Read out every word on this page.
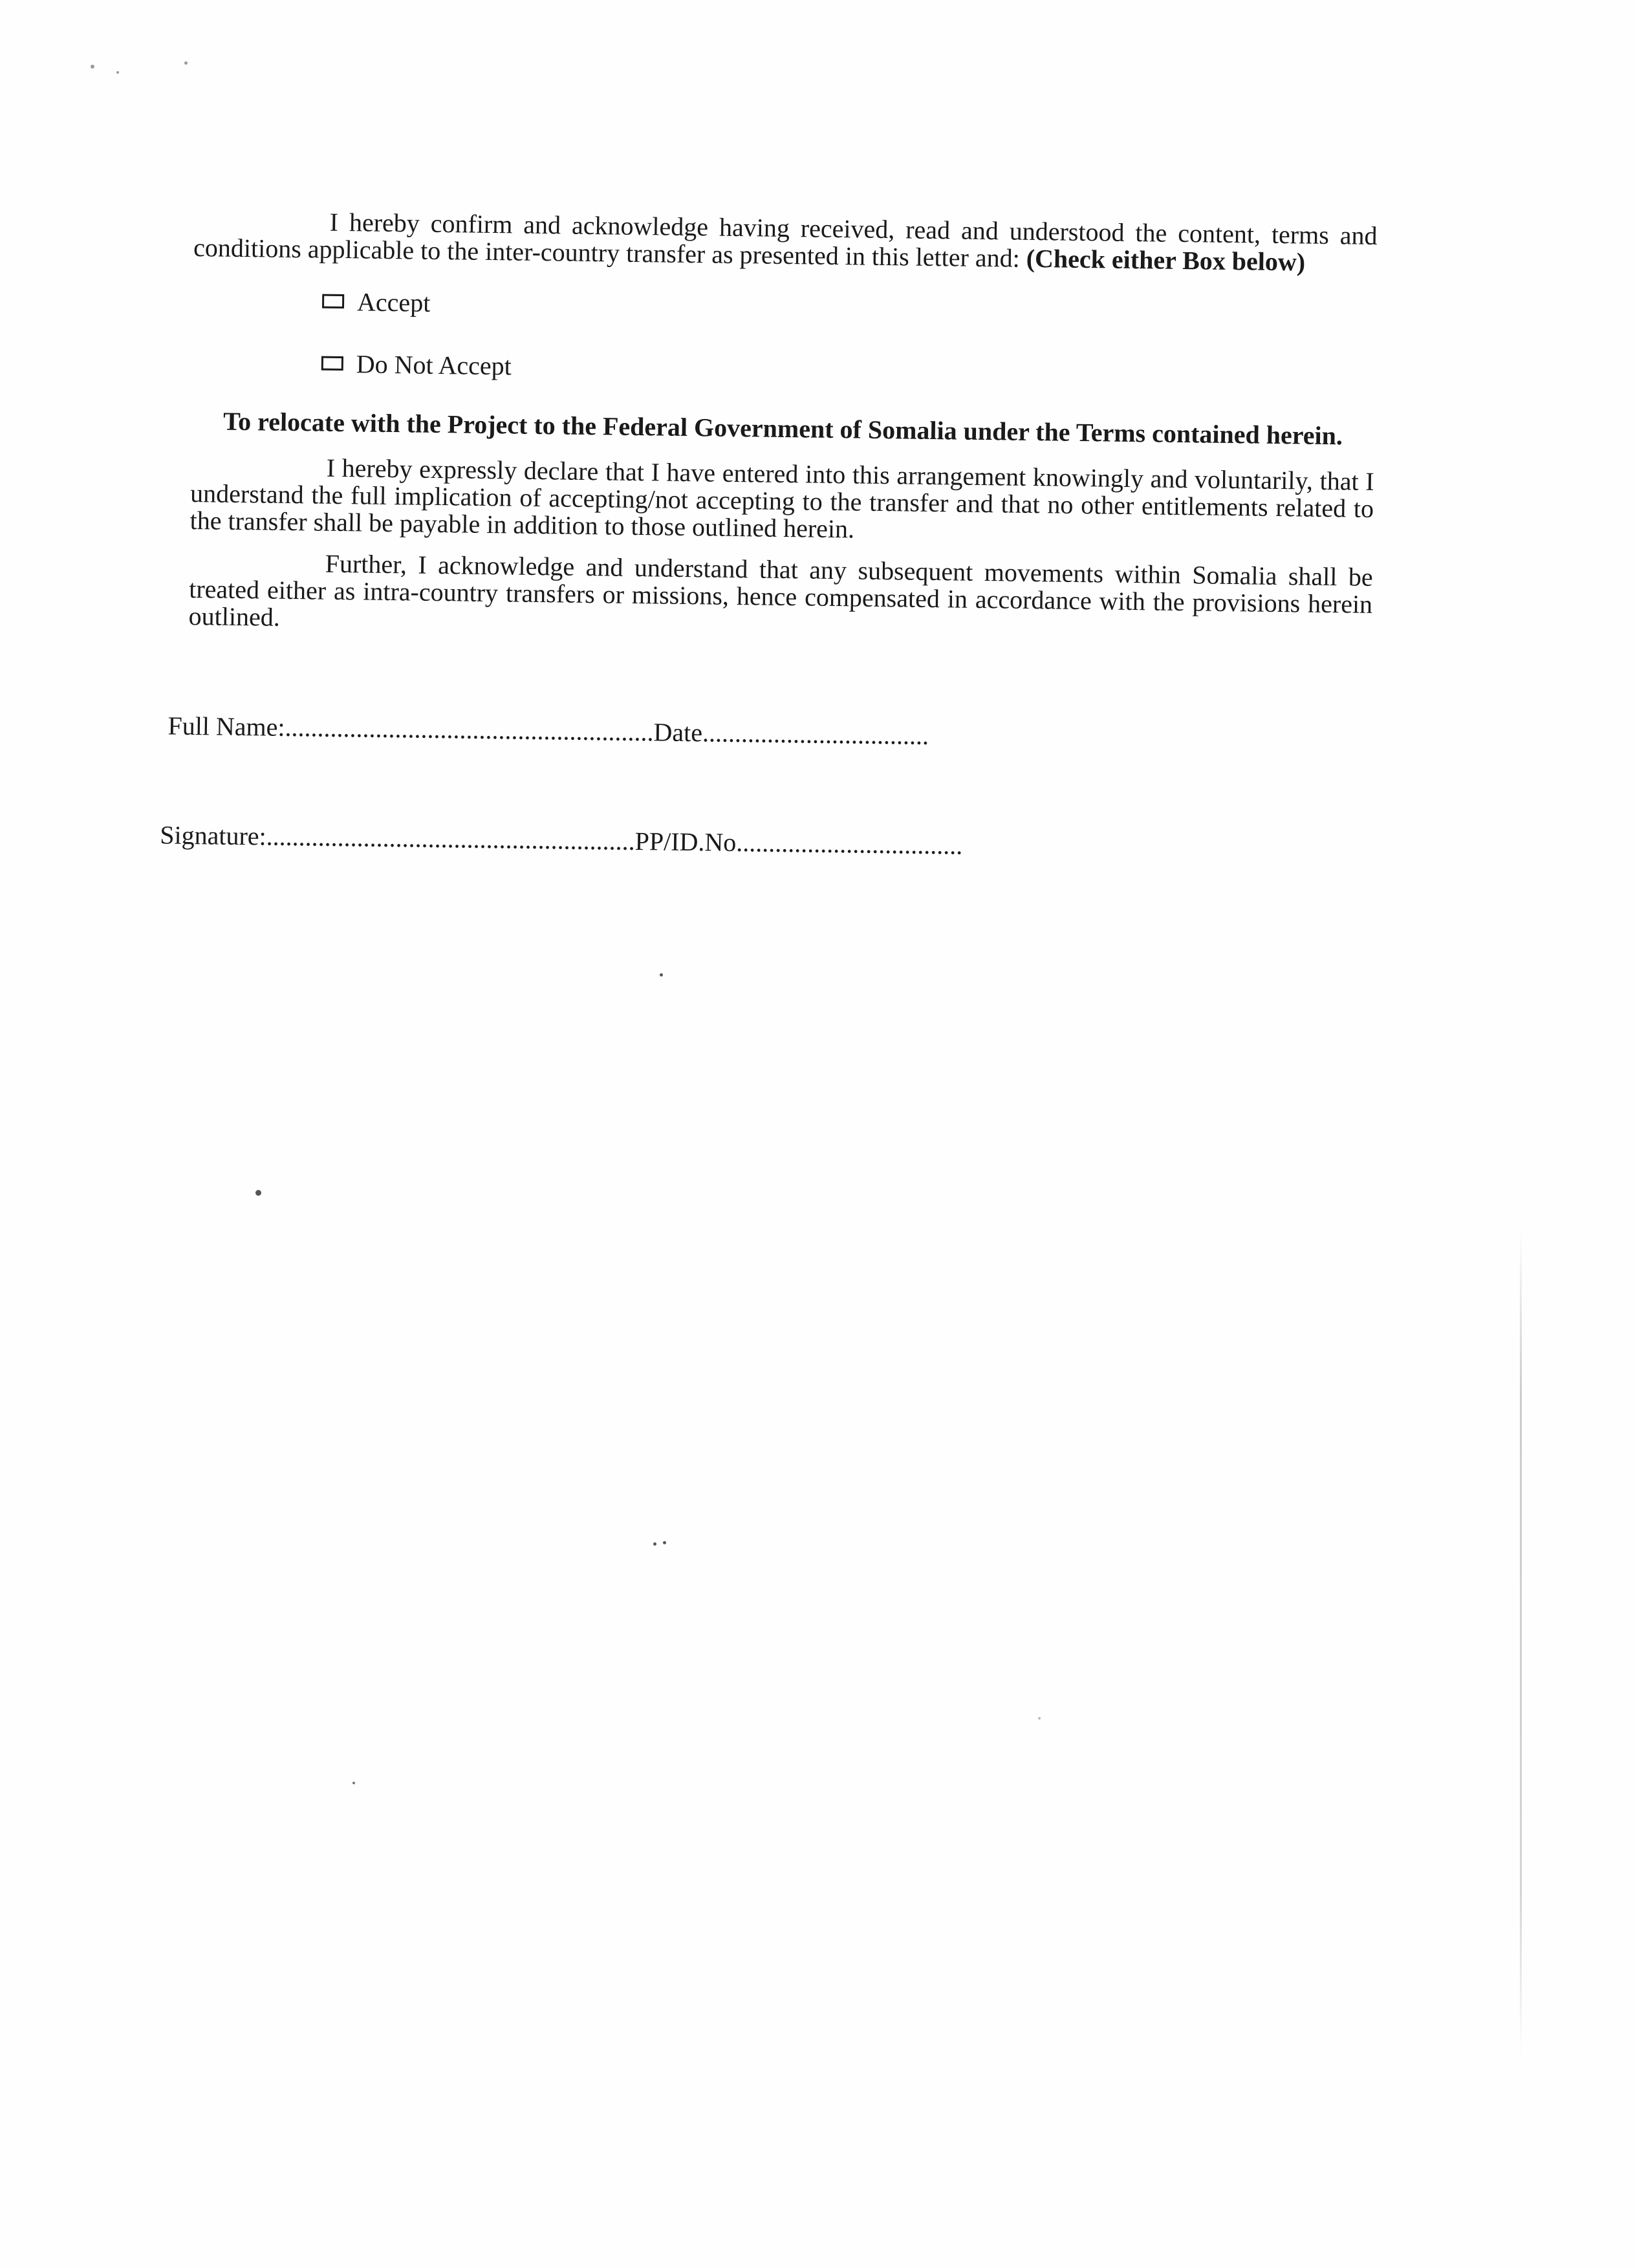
I hereby confirm and acknowledge having received, read and understood the content, terms and conditions applicable to the inter-country transfer as presented in this letter and: (Check either Box below)

Accept
Do Not Accept
To relocate with the Project to the Federal Government of Somalia under the Terms contained herein.

I hereby expressly declare that I have entered into this arrangement knowingly and voluntarily, that I understand the full implication of accepting/not accepting to the transfer and that no other entitlements related to the transfer shall be payable in addition to those outlined herein.

Further, I acknowledge and understand that any subsequent movements within Somalia shall be treated either as intra-country transfers or missions, hence compensated in accordance with the provisions herein outlined.

Full Name: ......................................................... Date ...................................
Signature: ......................................................... PP/ID.No ...................................
